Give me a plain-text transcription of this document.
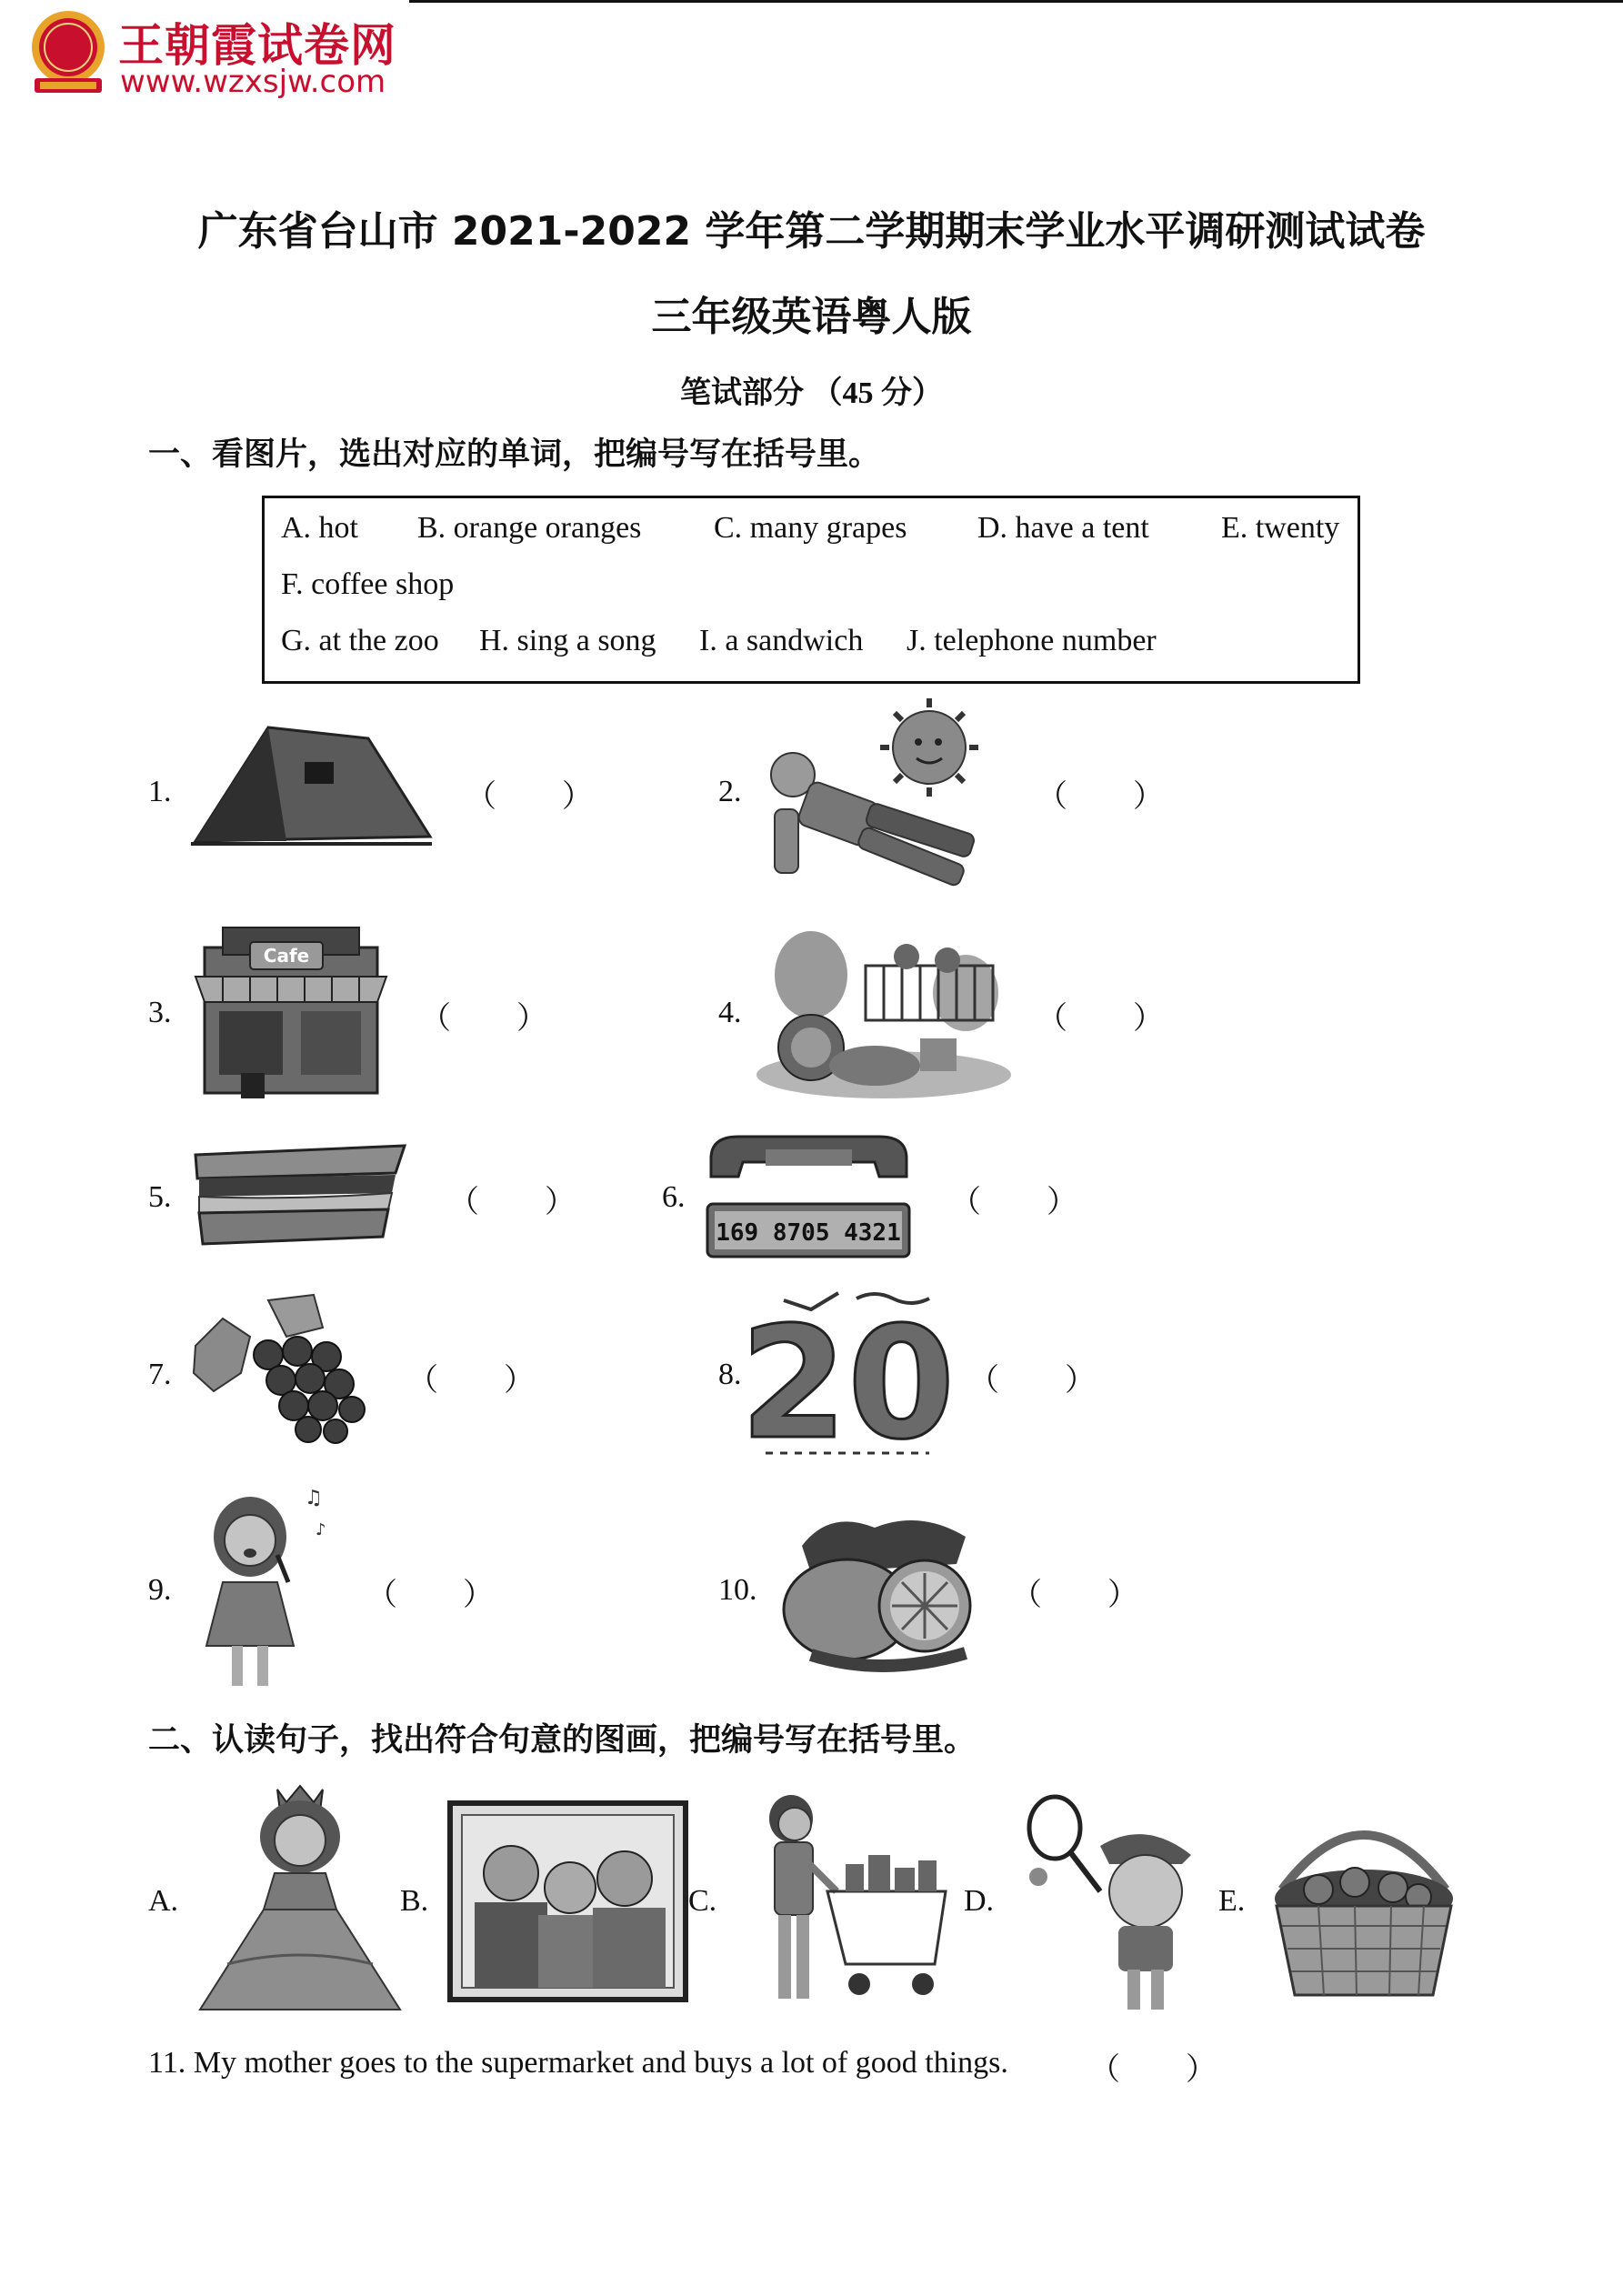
王朝霞试卷网
www.wzxsjw.com
广东省台山市 2021-2022 学年第二学期期末学业水平调研测试试卷
三年级英语粤人版
笔试部分 （45 分）
一、看图片，选出对应的单词，把编号写在括号里。
A. hot B. orange oranges C. many grapes D. have a tent E. twenty
F. coffee shop
G. at the zoo H. sing a song I. a sandwich J. telephone number
1.	（ ）	2.	（ ）
3.
Cafe
（ ）	4.	（ ）
5.	（ ）	6.
169 8705 4321
（ ）
7.	（ ）	8.
20 （ ）
9.
♫
♪
（ ）	10.	（ ）
二、认读句子，找出符合句意的图画，把编号写在括号里。
A.	B.	C.	D.	E.
11. My mother goes to the supermarket and buys a lot of good things.	（ ）
